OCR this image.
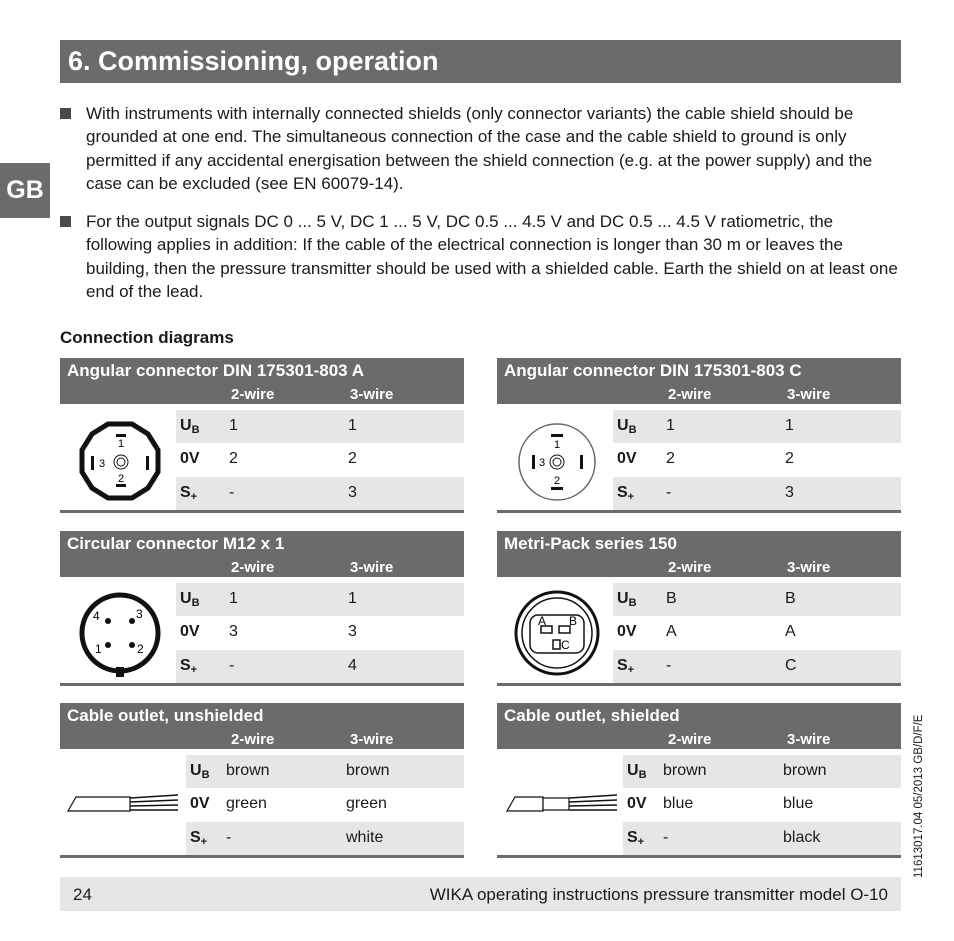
6. Commissioning, operation
GB
With instruments with internally connected shields (only connector variants) the cable shield should be grounded at one end. The simultaneous connection of the case and the cable shield to ground is only permitted if any accidental energisation between the shield connection (e.g. at the power supply) and the case can be excluded (see EN 60079-14).
For the output signals DC 0 ... 5 V, DC 1 ... 5 V, DC 0.5 ... 4.5 V and DC 0.5 ... 4.5 V ratiometric, the following applies in addition: If the cable of the electrical connection is longer than 30 m or leaves the building, then the pressure transmitter should be used with a shielded cable. Earth the shield on at least one end of the lead.
Connection diagrams
Angular connector DIN 175301-803 A
2-wire	3-wire
1
3
2
$U_B$ 1	1
0V 2	2
$S_+$ -	3
Angular connector DIN 175301-803 C
2-wire	3-wire
1
3
2
$U_B$ 1	1
0V 2	2
$S_+$ -	3
Circular connector M12 x 1
2-wire	3-wire
4	3
1	2
$U_B$ 1	1
0V 3	3
$S_+$ -	4
Metri-Pack series 150
2-wire	3-wire
A B
C
$U_B$ B	B
0V A	A
$S_+$ -	C
Cable outlet, unshielded
2-wire	3-wire
$U_B$ brown	brown
0V green	green
$S_+$ -	white
Cable outlet, shielded
2-wire	3-wire
$U_B$ brown	brown
0V blue	blue
$S_+$ -	black
24	WIKA operating instructions pressure transmitter model O-10
11613017.04 05/2013 GB/D/F/E
